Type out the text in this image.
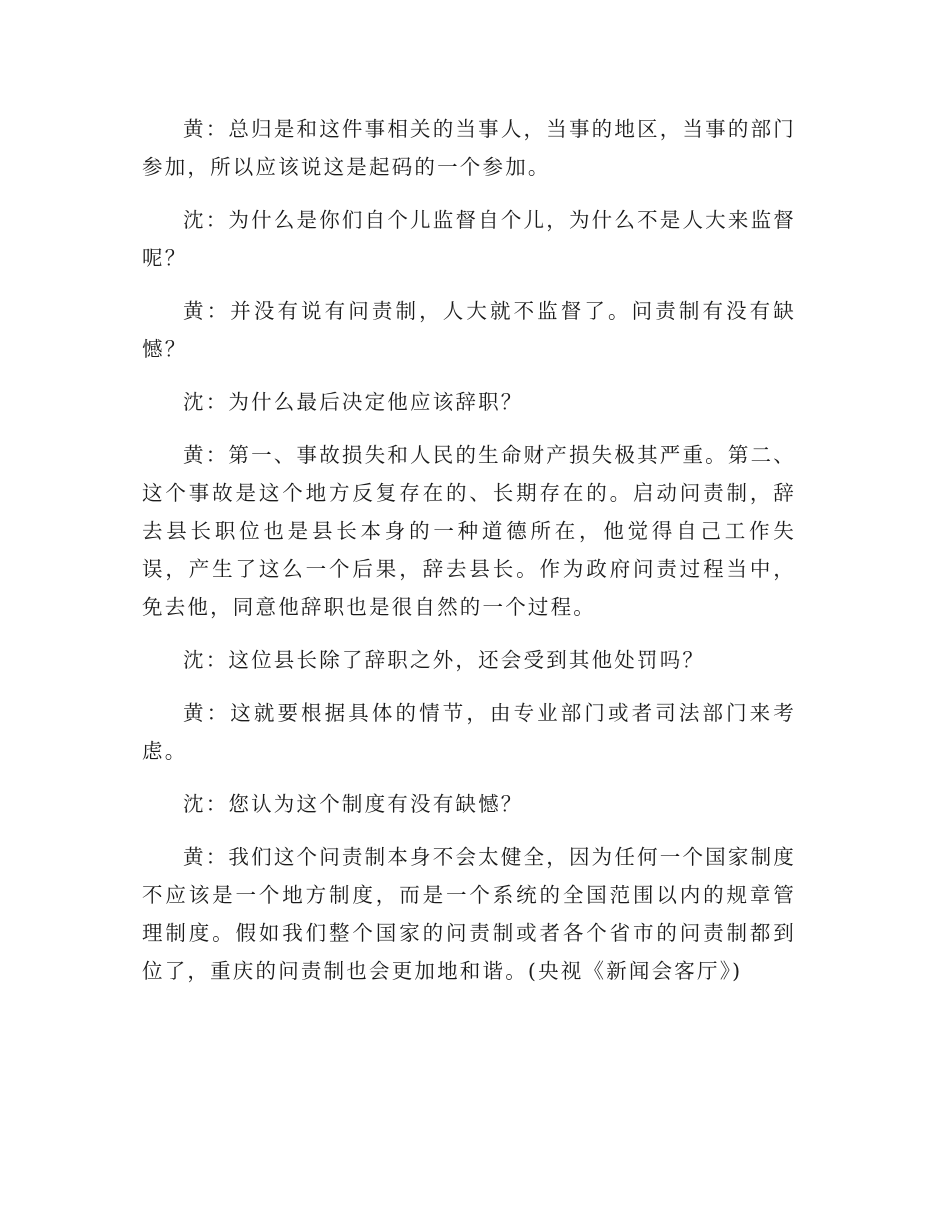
黄：总归是和这件事相关的当事人，当事的地区，当事的部门参加，所以应该说这是起码的一个参加。

沈：为什么是你们自个儿监督自个儿，为什么不是人大来监督呢？

黄：并没有说有问责制，人大就不监督了。问责制有没有缺憾？

沈：为什么最后决定他应该辞职？

黄：第一、事故损失和人民的生命财产损失极其严重。第二、这个事故是这个地方反复存在的、长期存在的。启动问责制，辞去县长职位也是县长本身的一种道德所在，他觉得自己工作失误，产生了这么一个后果，辞去县长。作为政府问责过程当中，免去他，同意他辞职也是很自然的一个过程。

沈：这位县长除了辞职之外，还会受到其他处罚吗？

黄：这就要根据具体的情节，由专业部门或者司法部门来考虑。

沈：您认为这个制度有没有缺憾？

黄：我们这个问责制本身不会太健全，因为任何一个国家制度不应该是一个地方制度，而是一个系统的全国范围以内的规章管理制度。假如我们整个国家的问责制或者各个省市的问责制都到位了，重庆的问责制也会更加地和谐。(央视《新闻会客厅》)
